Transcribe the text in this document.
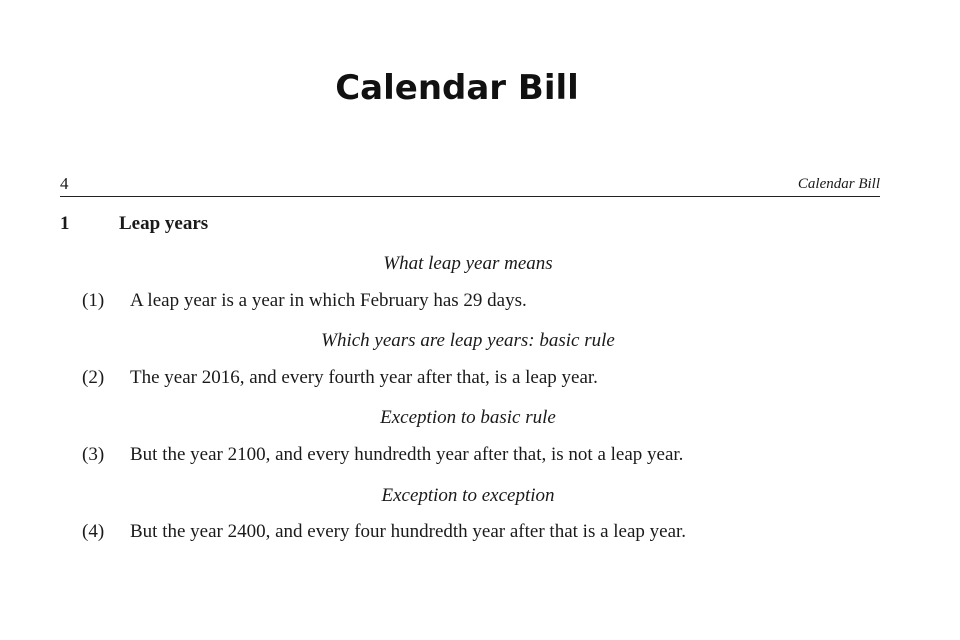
Calendar Bill
4	Calendar Bill
1	Leap years
What leap year means
(1) A leap year is a year in which February has 29 days.
Which years are leap years: basic rule
(2) The year 2016, and every fourth year after that, is a leap year.
Exception to basic rule
(3) But the year 2100, and every hundredth year after that, is not a leap year.
Exception to exception
(4) But the year 2400, and every four hundredth year after that is a leap year.
